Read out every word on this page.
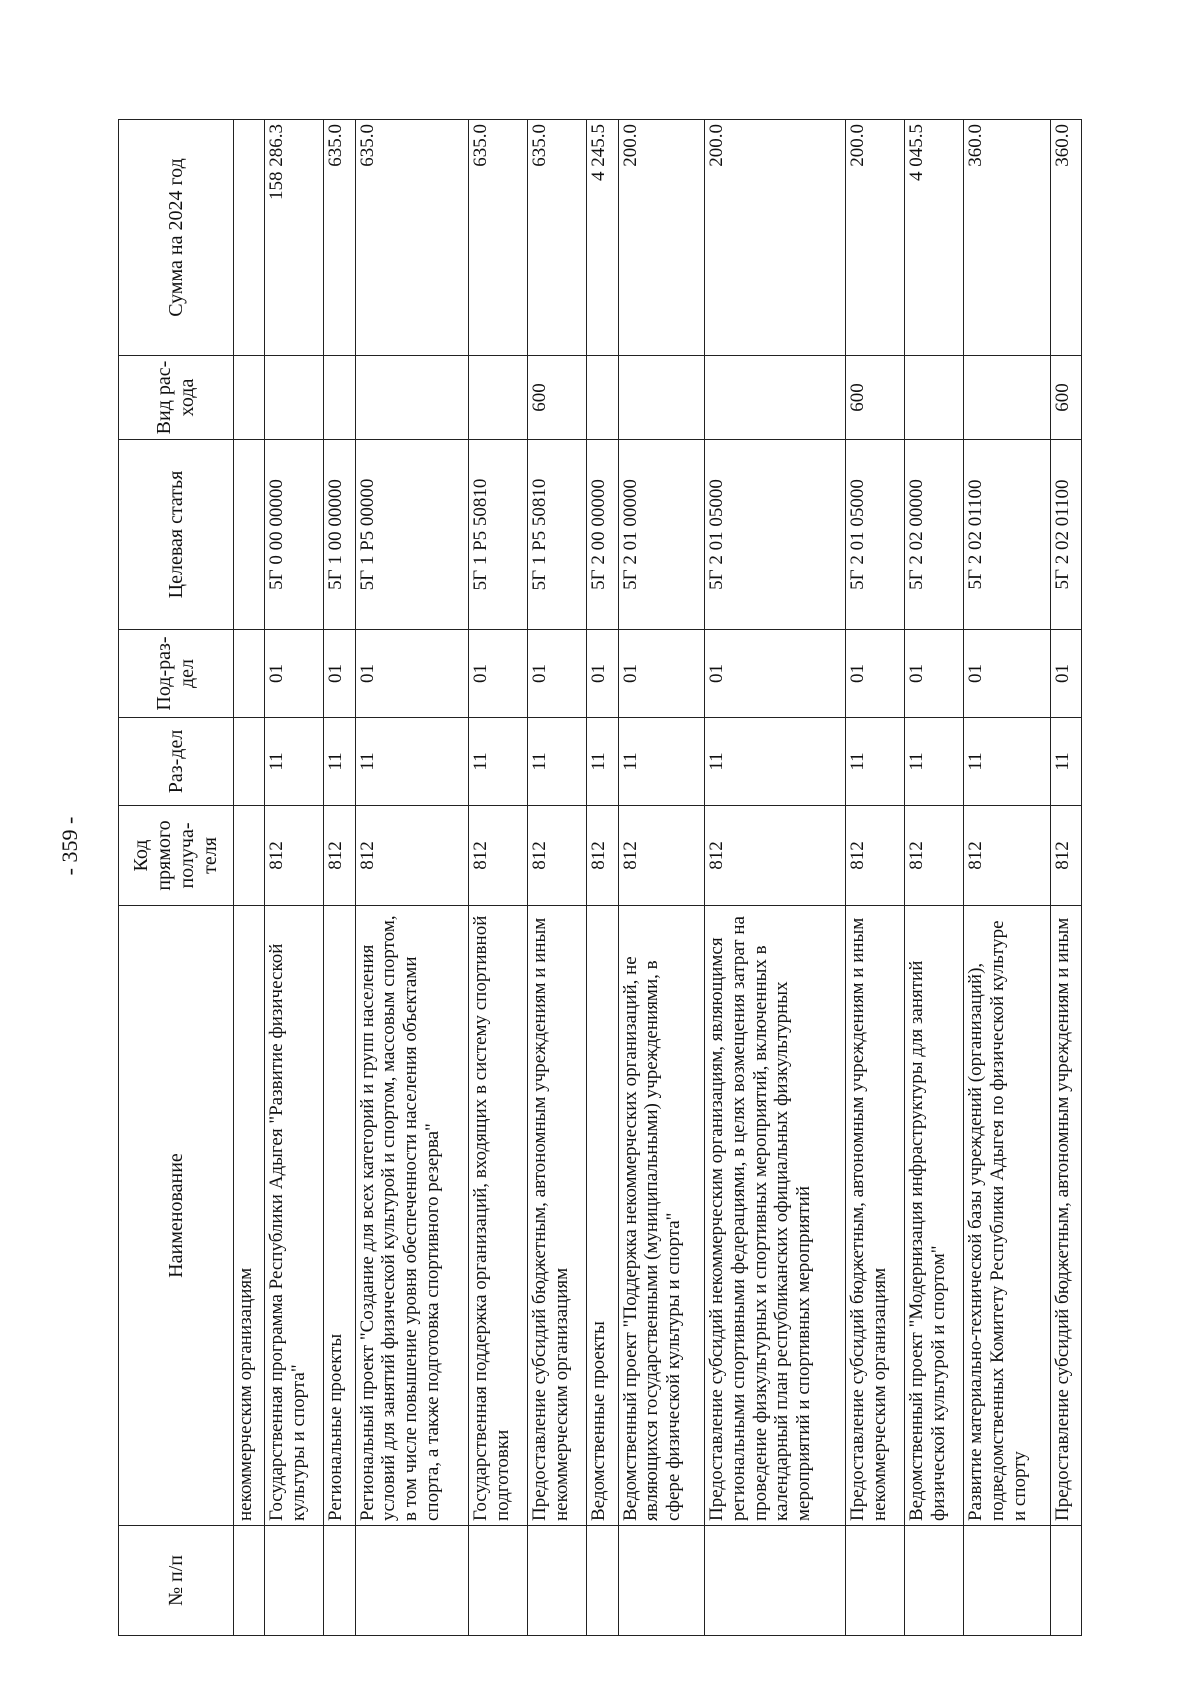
- 359 -
№ п/п	Наименование	Код прямого получа-теля	Раз-дел	Под-раз-дел	Целевая статья	Вид рас-хода	Сумма на 2024 год
	некоммерческим организациям						
	Государственная программа Республики Адыгея "Развитие физической культуры и спорта"	812	11	01	5Г 0 00 00000		158 286.3
	Региональные проекты	812	11	01	5Г 1 00 00000		635.0
	Региональный проект "Создание для всех категорий и групп населения условий для занятий физической культурой и спортом, массовым спортом, в том числе повышение уровня обеспеченности населения объектами спорта, а также подготовка спортивного резерва"	812	11	01	5Г 1 P5 00000		635.0
	Государственная поддержка организаций, входящих в систему спортивной подготовки	812	11	01	5Г 1 P5 50810		635.0
	Предоставление субсидий бюджетным, автономным учреждениям и иным некоммерческим организациям	812	11	01	5Г 1 P5 50810	600	635.0
	Ведомственные проекты	812	11	01	5Г 2 00 00000		4 245.5
	Ведомственный проект "Поддержка некоммерческих организаций, не являющихся государственными (муниципальными) учреждениями, в сфере физической культуры и спорта"	812	11	01	5Г 2 01 00000		200.0
	Предоставление субсидий некоммерческим организациям, являющимся региональными спортивными федерациями, в целях возмещения затрат на проведение физкультурных и спортивных мероприятий, включенных в календарный план республиканских официальных физкультурных мероприятий и спортивных мероприятий	812	11	01	5Г 2 01 05000		200.0
	Предоставление субсидий бюджетным, автономным учреждениям и иным некоммерческим организациям	812	11	01	5Г 2 01 05000	600	200.0
	Ведомственный проект "Модернизация инфраструктуры для занятий физической культурой и спортом"	812	11	01	5Г 2 02 00000		4 045.5
	Развитие материально-технической базы учреждений (организаций), подведомственных Комитету Республики Адыгея по физической культуре и спорту	812	11	01	5Г 2 02 01100		360.0
	Предоставление субсидий бюджетным, автономным учреждениям и иным	812	11	01	5Г 2 02 01100	600	360.0
